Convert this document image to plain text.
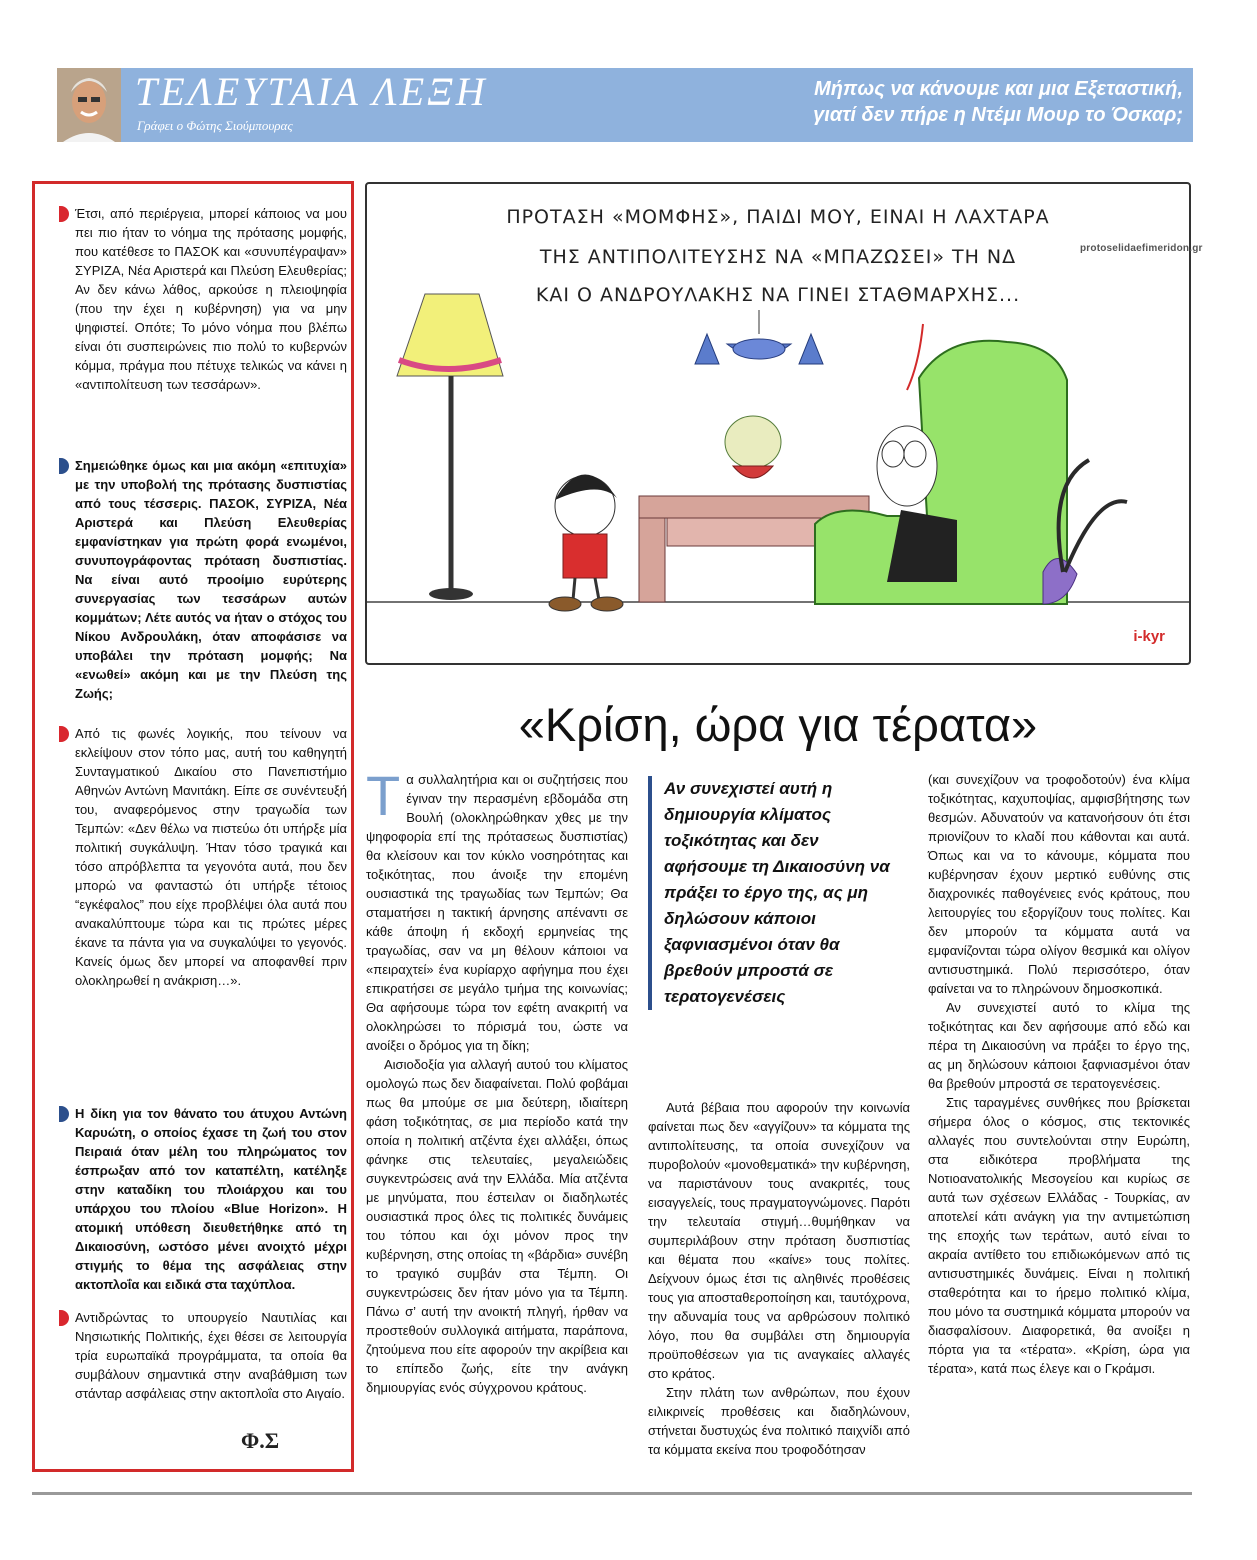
ΤΕΛΕΥΤΑΙΑ ΛΕΞΗ
Γράφει ο Φώτης Σιούμπουρας
Μήπως να κάνουμε και μια Εξεταστική,
γιατί δεν πήρε η Ντέμι Μουρ το Όσκαρ;
Έτσι, από περιέργεια, μπορεί κάποιος να μου πει πιο ήταν το νόημα της πρότασης μομφής, που κατέθεσε το ΠΑΣΟΚ και «συνυπέγραψαν» ΣΥΡΙΖΑ, Νέα Αριστερά και Πλεύση Ελευθερίας; Αν δεν κάνω λάθος, αρκούσε η πλειοψηφία (που την έχει η κυβέρνηση) για να μην ψηφιστεί. Οπότε; Το μόνο νόημα που βλέπω είναι ότι συσπειρώνεις πιο πολύ το κυβερνών κόμμα, πράγμα που πέτυχε τελικώς να κάνει η «αντιπολίτευση των τεσσάρων».
Σημειώθηκε όμως και μια ακόμη «επιτυχία» με την υποβολή της πρότασης δυσπιστίας από τους τέσσερις. ΠΑΣΟΚ, ΣΥΡΙΖΑ, Νέα Αριστερά και Πλεύση Ελευθερίας εμφανίστηκαν για πρώτη φορά ενωμένοι, συνυπογράφοντας πρόταση δυσπιστίας. Να είναι αυτό προοίμιο ευρύτερης συνεργασίας των τεσσάρων αυτών κομμάτων; Λέτε αυτός να ήταν ο στόχος του Νίκου Ανδρουλάκη, όταν αποφάσισε να υποβάλει την πρόταση μομφής; Να «ενωθεί» ακόμη και με την Πλεύση της Ζωής;
Από τις φωνές λογικής, που τείνουν να εκλείψουν στον τόπο μας, αυτή του καθηγητή Συνταγματικού Δικαίου στο Πανεπιστήμιο Αθηνών Αντώνη Μανιτάκη. Είπε σε συνέντευξή του, αναφερόμενος στην τραγωδία των Τεμπών: «Δεν θέλω να πιστεύω ότι υπήρξε μία πολιτική συγκάλυψη. Ήταν τόσο τραγικά και τόσο απρόβλεπτα τα γεγονότα αυτά, που δεν μπορώ να φανταστώ ότι υπήρξε τέτοιος “εγκέφαλος” που είχε προβλέψει όλα αυτά που ανακαλύπτουμε τώρα και τις πρώτες μέρες έκανε τα πάντα για να συγκαλύψει το γεγονός. Κανείς όμως δεν μπορεί να αποφανθεί πριν ολοκληρωθεί η ανάκριση…».
Η δίκη για τον θάνατο του άτυχου Αντώνη Καρυώτη, ο οποίος έχασε τη ζωή του στον Πειραιά όταν μέλη του πληρώματος τον έσπρωξαν από τον καταπέλτη, κατέληξε στην καταδίκη του πλοιάρχου και του υπάρχου του πλοίου «Blue Horizon». Η ατομική υπόθεση διευθετήθηκε από τη Δικαιοσύνη, ωστόσο μένει ανοιχτό μέχρι στιγμής το θέμα της ασφάλειας στην ακτοπλοΐα και ειδικά στα ταχύπλοα.
Αντιδρώντας το υπουργείο Ναυτιλίας και Νησιωτικής Πολιτικής, έχει θέσει σε λειτουργία τρία ευρωπαϊκά προγράμματα, τα οποία θα συμβάλουν σημαντικά στην αναβάθμιση των στάνταρ ασφάλειας στην ακτοπλοΐα στο Αιγαίο.
Φ.Σ
ΠΡΟΤΑΣΗ «ΜΟΜΦΗΣ», ΠΑΙΔΙ ΜΟΥ, ΕΙΝΑΙ Η ΛΑΧΤΑΡΑ
ΤΗΣ ΑΝΤΙΠΟΛΙΤΕΥΣΗΣ ΝΑ «ΜΠΑΖΩΣΕΙ» ΤΗ ΝΔ
ΚΑΙ Ο ΑΝΔΡΟΥΛΑΚΗΣ ΝΑ ΓΙΝΕΙ ΣΤΑΘΜΑΡΧΗΣ...
i-kyr
protoselidaefimeridon.gr
«Κρίση, ώρα για τέρατα»

Τα συλλαλητήρια και οι συζητήσεις που έγιναν την περασμένη εβδομάδα στη Βουλή (ολοκληρώθηκαν χθες με την ψηφοφορία επί της πρότασεως δυσπιστίας) θα κλείσουν και τον κύκλο νοσηρότητας και τοξικότητας, που άνοιξε την επομένη ουσιαστικά της τραγωδίας των Τεμπών; Θα σταματήσει η τακτική άρνησης απέναντι σε κάθε άποψη ή εκδοχή ερμηνείας της τραγωδίας, σαν να μη θέλουν κάποιοι να «πειραχτεί» ένα κυρίαρχο αφήγημα που έχει επικρατήσει σε μεγάλο τμήμα της κοινωνίας; Θα αφήσουμε τώρα τον εφέτη ανακριτή να ολοκληρώσει το πόρισμά του, ώστε να ανοίξει ο δρόμος για τη δίκη;

Αισιοδοξία για αλλαγή αυτού του κλίματος ομολογώ πως δεν διαφαίνεται. Πολύ φοβάμαι πως θα μπούμε σε μια δεύτερη, ιδιαίτερη φάση τοξικότητας, σε μια περίοδο κατά την οποία η πολιτική ατζέντα έχει αλλάξει, όπως φάνηκε στις τελευταίες, μεγαλειώδεις συγκεντρώσεις ανά την Ελλάδα. Μία ατζέντα με μηνύματα, που έστειλαν οι διαδηλωτές ουσιαστικά προς όλες τις πολιτικές δυνάμεις του τόπου και όχι μόνον προς την κυβέρνηση, στης οποίας τη «βάρδια» συνέβη το τραγικό συμβάν στα Τέμπη. Οι συγκεντρώσεις δεν ήταν μόνο για τα Τέμπη. Πάνω σ’ αυτή την ανοικτή πληγή, ήρθαν να προστεθούν συλλογικά αιτήματα, παράπονα, ζητούμενα που είτε αφορούν την ακρίβεια και το επίπεδο ζωής, είτε την ανάγκη δημιουργίας ενός σύγχρονου κράτους.

Αν συνεχιστεί αυτή η δημιουργία κλίματος τοξικότητας και δεν αφήσουμε τη Δικαιοσύνη να πράξει το έργο της, ας μη δηλώσουν κάποιοι ξαφνιασμένοι όταν θα βρεθούν μπροστά σε τερατογενέσεις

Αυτά βέβαια που αφορούν την κοινωνία φαίνεται πως δεν «αγγίζουν» τα κόμματα της αντιπολίτευσης, τα οποία συνεχίζουν να πυροβολούν «μονοθεματικά» την κυβέρνηση, να παριστάνουν τους ανακριτές, τους εισαγγελείς, τους πραγματογνώμονες. Παρότι την τελευταία στιγμή…θυμήθηκαν να συμπεριλάβουν στην πρόταση δυσπιστίας και θέματα που «καίνε» τους πολίτες. Δείχνουν όμως έτσι τις αληθινές προθέσεις τους για αποσταθεροποίηση και, ταυτόχρονα, την αδυναμία τους να αρθρώσουν πολιτικό λόγο, που θα συμβάλει στη δημιουργία προϋποθέσεων για τις αναγκαίες αλλαγές στο κράτος.

Στην πλάτη των ανθρώπων, που έχουν ειλικρινείς προθέσεις και διαδηλώνουν, στήνεται δυστυχώς ένα πολιτικό παιχνίδι από τα κόμματα εκείνα που τροφοδότησαν

(και συνεχίζουν να τροφοδοτούν) ένα κλίμα τοξικότητας, καχυποψίας, αμφισβήτησης των θεσμών. Αδυνατούν να κατανοήσουν ότι έτσι πριονίζουν το κλαδί που κάθονται και αυτά. Όπως και να το κάνουμε, κόμματα που κυβέρνησαν έχουν μερτικό ευθύνης στις διαχρονικές παθογένειες ενός κράτους, που λειτουργίες του εξοργίζουν τους πολίτες. Και δεν μπορούν τα κόμματα αυτά να εμφανίζονται τώρα ολίγον θεσμικά και ολίγον αντισυστημικά. Πολύ περισσότερο, όταν φαίνεται να το πληρώνουν δημοσκοπικά.

Αν συνεχιστεί αυτό το κλίμα της τοξικότητας και δεν αφήσουμε από εδώ και πέρα τη Δικαιοσύνη να πράξει το έργο της, ας μη δηλώσουν κάποιοι ξαφνιασμένοι όταν θα βρεθούν μπροστά σε τερατογενέσεις.

Στις ταραγμένες συνθήκες που βρίσκεται σήμερα όλος ο κόσμος, στις τεκτονικές αλλαγές που συντελούνται στην Ευρώπη, στα ειδικότερα προβλήματα της Νοτιοανατολικής Μεσογείου και κυρίως σε αυτά των σχέσεων Ελλάδας - Τουρκίας, αν αποτελεί κάτι ανάγκη για την αντιμετώπιση της εποχής των τεράτων, αυτό είναι το ακραία αντίθετο του επιδιωκόμενων από τις αντισυστημικές δυνάμεις. Είναι η πολιτική σταθερότητα και το ήρεμο πολιτικό κλίμα, που μόνο τα συστημικά κόμματα μπορούν να διασφαλίσουν. Διαφορετικά, θα ανοίξει η πόρτα για τα «τέρατα». «Κρίση, ώρα για τέρατα», κατά πως έλεγε και ο Γκράμσι.
